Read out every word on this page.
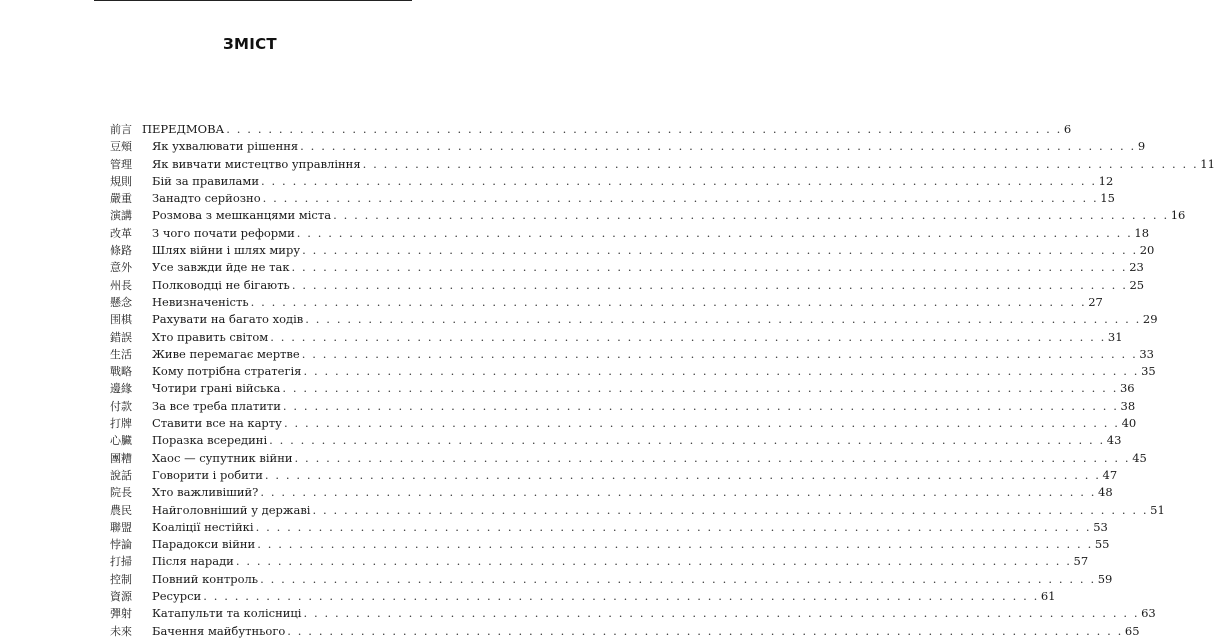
ЗМІСТ
前言 ПЕРЕДМОВА . . . . . . . . . . . . . . . . . . . . . . . . . . . . . . . . . . . . . . . . . . . . . . . . . . . . . . . . . . . . . . . . . . . . . . . . . . . . . . . . 6
豆頰	Як ухвалювати рішення . . . . . . . . . . . . . . . . . . . . . . . . . . . . . . . . . . . . . . . . . . . . . . . . . . . . . . . . . . . . . . . . . . . . . . . . . . . . . . . . 9
管理	Як вивчати мистецтво управління . . . . . . . . . . . . . . . . . . . . . . . . . . . . . . . . . . . . . . . . . . . . . . . . . . . . . . . . . . . . . . . . . . . . . . . . . . . . . . . . 11
規則	Бій за правилами . . . . . . . . . . . . . . . . . . . . . . . . . . . . . . . . . . . . . . . . . . . . . . . . . . . . . . . . . . . . . . . . . . . . . . . . . . . . . . . . 12
嚴重	Занадто серйозно . . . . . . . . . . . . . . . . . . . . . . . . . . . . . . . . . . . . . . . . . . . . . . . . . . . . . . . . . . . . . . . . . . . . . . . . . . . . . . . . 15
演講	Розмова з мешканцями міста . . . . . . . . . . . . . . . . . . . . . . . . . . . . . . . . . . . . . . . . . . . . . . . . . . . . . . . . . . . . . . . . . . . . . . . . . . . . . . . . 16
改革	З чого почати реформи . . . . . . . . . . . . . . . . . . . . . . . . . . . . . . . . . . . . . . . . . . . . . . . . . . . . . . . . . . . . . . . . . . . . . . . . . . . . . . . . 18
條路	Шлях війни і шлях миру . . . . . . . . . . . . . . . . . . . . . . . . . . . . . . . . . . . . . . . . . . . . . . . . . . . . . . . . . . . . . . . . . . . . . . . . . . . . . . . . 20
意外	Усе завжди йде не так . . . . . . . . . . . . . . . . . . . . . . . . . . . . . . . . . . . . . . . . . . . . . . . . . . . . . . . . . . . . . . . . . . . . . . . . . . . . . . . . 23
州長	Полководці не бігають . . . . . . . . . . . . . . . . . . . . . . . . . . . . . . . . . . . . . . . . . . . . . . . . . . . . . . . . . . . . . . . . . . . . . . . . . . . . . . . . 25
懸念	Невизначеність . . . . . . . . . . . . . . . . . . . . . . . . . . . . . . . . . . . . . . . . . . . . . . . . . . . . . . . . . . . . . . . . . . . . . . . . . . . . . . . . 27
围棋	Рахувати на багато ходів . . . . . . . . . . . . . . . . . . . . . . . . . . . . . . . . . . . . . . . . . . . . . . . . . . . . . . . . . . . . . . . . . . . . . . . . . . . . . . . . 29
錯誤	Хто править світом . . . . . . . . . . . . . . . . . . . . . . . . . . . . . . . . . . . . . . . . . . . . . . . . . . . . . . . . . . . . . . . . . . . . . . . . . . . . . . . . 31
生活	Живе перемагає мертве . . . . . . . . . . . . . . . . . . . . . . . . . . . . . . . . . . . . . . . . . . . . . . . . . . . . . . . . . . . . . . . . . . . . . . . . . . . . . . . . 33
戰略	Кому потрібна стратегія . . . . . . . . . . . . . . . . . . . . . . . . . . . . . . . . . . . . . . . . . . . . . . . . . . . . . . . . . . . . . . . . . . . . . . . . . . . . . . . . 35
邊緣	Чотири грані війська . . . . . . . . . . . . . . . . . . . . . . . . . . . . . . . . . . . . . . . . . . . . . . . . . . . . . . . . . . . . . . . . . . . . . . . . . . . . . . . . 36
付款	За все треба платити . . . . . . . . . . . . . . . . . . . . . . . . . . . . . . . . . . . . . . . . . . . . . . . . . . . . . . . . . . . . . . . . . . . . . . . . . . . . . . . . 38
打牌	Ставити все на карту . . . . . . . . . . . . . . . . . . . . . . . . . . . . . . . . . . . . . . . . . . . . . . . . . . . . . . . . . . . . . . . . . . . . . . . . . . . . . . . . 40
心臟	Поразка всередині . . . . . . . . . . . . . . . . . . . . . . . . . . . . . . . . . . . . . . . . . . . . . . . . . . . . . . . . . . . . . . . . . . . . . . . . . . . . . . . . 43
團糟	Хаос — супутник війни . . . . . . . . . . . . . . . . . . . . . . . . . . . . . . . . . . . . . . . . . . . . . . . . . . . . . . . . . . . . . . . . . . . . . . . . . . . . . . . . 45
說話	Говорити і робити . . . . . . . . . . . . . . . . . . . . . . . . . . . . . . . . . . . . . . . . . . . . . . . . . . . . . . . . . . . . . . . . . . . . . . . . . . . . . . . . 47
院長	Хто важливіший? . . . . . . . . . . . . . . . . . . . . . . . . . . . . . . . . . . . . . . . . . . . . . . . . . . . . . . . . . . . . . . . . . . . . . . . . . . . . . . . . 48
農民	Найголовніший у державі . . . . . . . . . . . . . . . . . . . . . . . . . . . . . . . . . . . . . . . . . . . . . . . . . . . . . . . . . . . . . . . . . . . . . . . . . . . . . . . . 51
聯盟	Коаліції нестійкі . . . . . . . . . . . . . . . . . . . . . . . . . . . . . . . . . . . . . . . . . . . . . . . . . . . . . . . . . . . . . . . . . . . . . . . . . . . . . . . . 53
悖論	Парадокси війни . . . . . . . . . . . . . . . . . . . . . . . . . . . . . . . . . . . . . . . . . . . . . . . . . . . . . . . . . . . . . . . . . . . . . . . . . . . . . . . . 55
打掃	Після наради . . . . . . . . . . . . . . . . . . . . . . . . . . . . . . . . . . . . . . . . . . . . . . . . . . . . . . . . . . . . . . . . . . . . . . . . . . . . . . . . 57
控制	Повний контроль . . . . . . . . . . . . . . . . . . . . . . . . . . . . . . . . . . . . . . . . . . . . . . . . . . . . . . . . . . . . . . . . . . . . . . . . . . . . . . . . 59
資源	Ресурси . . . . . . . . . . . . . . . . . . . . . . . . . . . . . . . . . . . . . . . . . . . . . . . . . . . . . . . . . . . . . . . . . . . . . . . . . . . . . . . . 61
彈射	Катапульти та колісниці . . . . . . . . . . . . . . . . . . . . . . . . . . . . . . . . . . . . . . . . . . . . . . . . . . . . . . . . . . . . . . . . . . . . . . . . . . . . . . . . 63
未來	Бачення майбутнього . . . . . . . . . . . . . . . . . . . . . . . . . . . . . . . . . . . . . . . . . . . . . . . . . . . . . . . . . . . . . . . . . . . . . . . . . . . . . . . . 65
